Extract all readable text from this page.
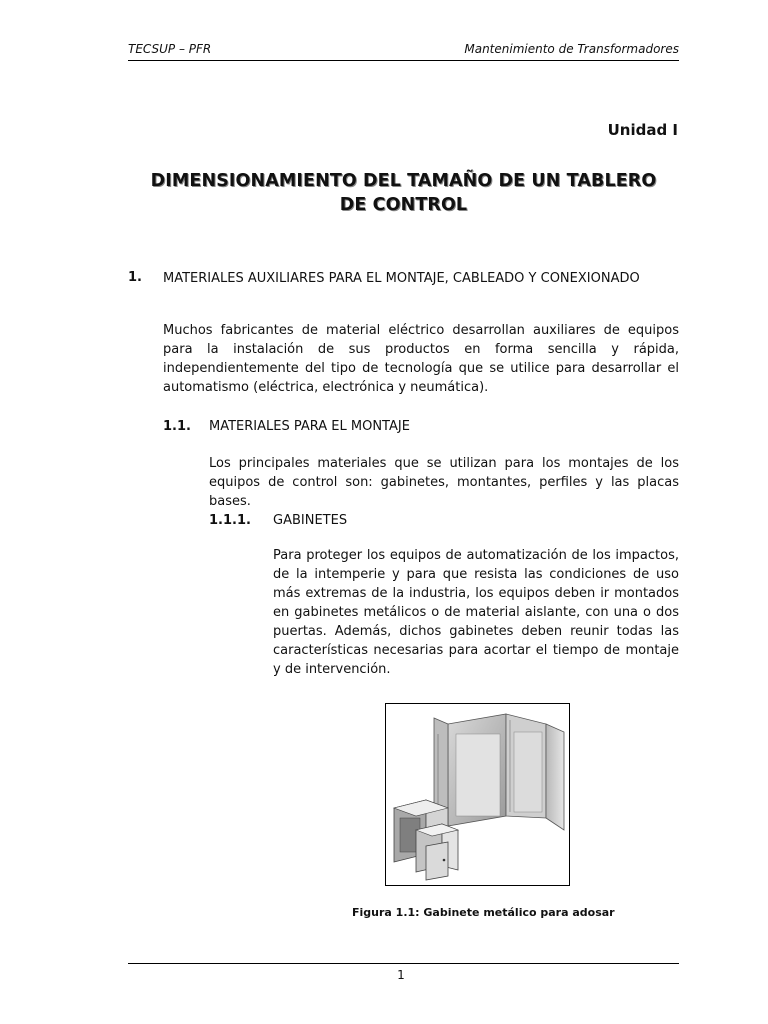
TECSUP – PFR	Mantenimiento de Transformadores
Unidad I
DIMENSIONAMIENTO DEL TAMAÑO DE UN TABLERO
DE CONTROL
1. MATERIALES AUXILIARES PARA EL MONTAJE, CABLEADO Y CONEXIONADO
Muchos fabricantes de material eléctrico desarrollan auxiliares de equipos para la instalación de sus productos en forma sencilla y rápida, independientemente del tipo de tecnología que se utilice para desarrollar el automatismo (eléctrica, electrónica y neumática).
1.1. MATERIALES PARA EL MONTAJE
Los principales materiales que se utilizan para los montajes de los equipos de control son: gabinetes, montantes, perfiles y las placas bases.
1.1.1. GABINETES
Para proteger los equipos de automatización de los impactos, de la intemperie y para que resista las condiciones de uso más extremas de la industria, los equipos deben ir montados en gabinetes metálicos o de material aislante, con una o dos puertas. Además, dichos gabinetes deben reunir todas las características necesarias para acortar el tiempo de montaje y de intervención.
Figura 1.1: Gabinete metálico para adosar
1
